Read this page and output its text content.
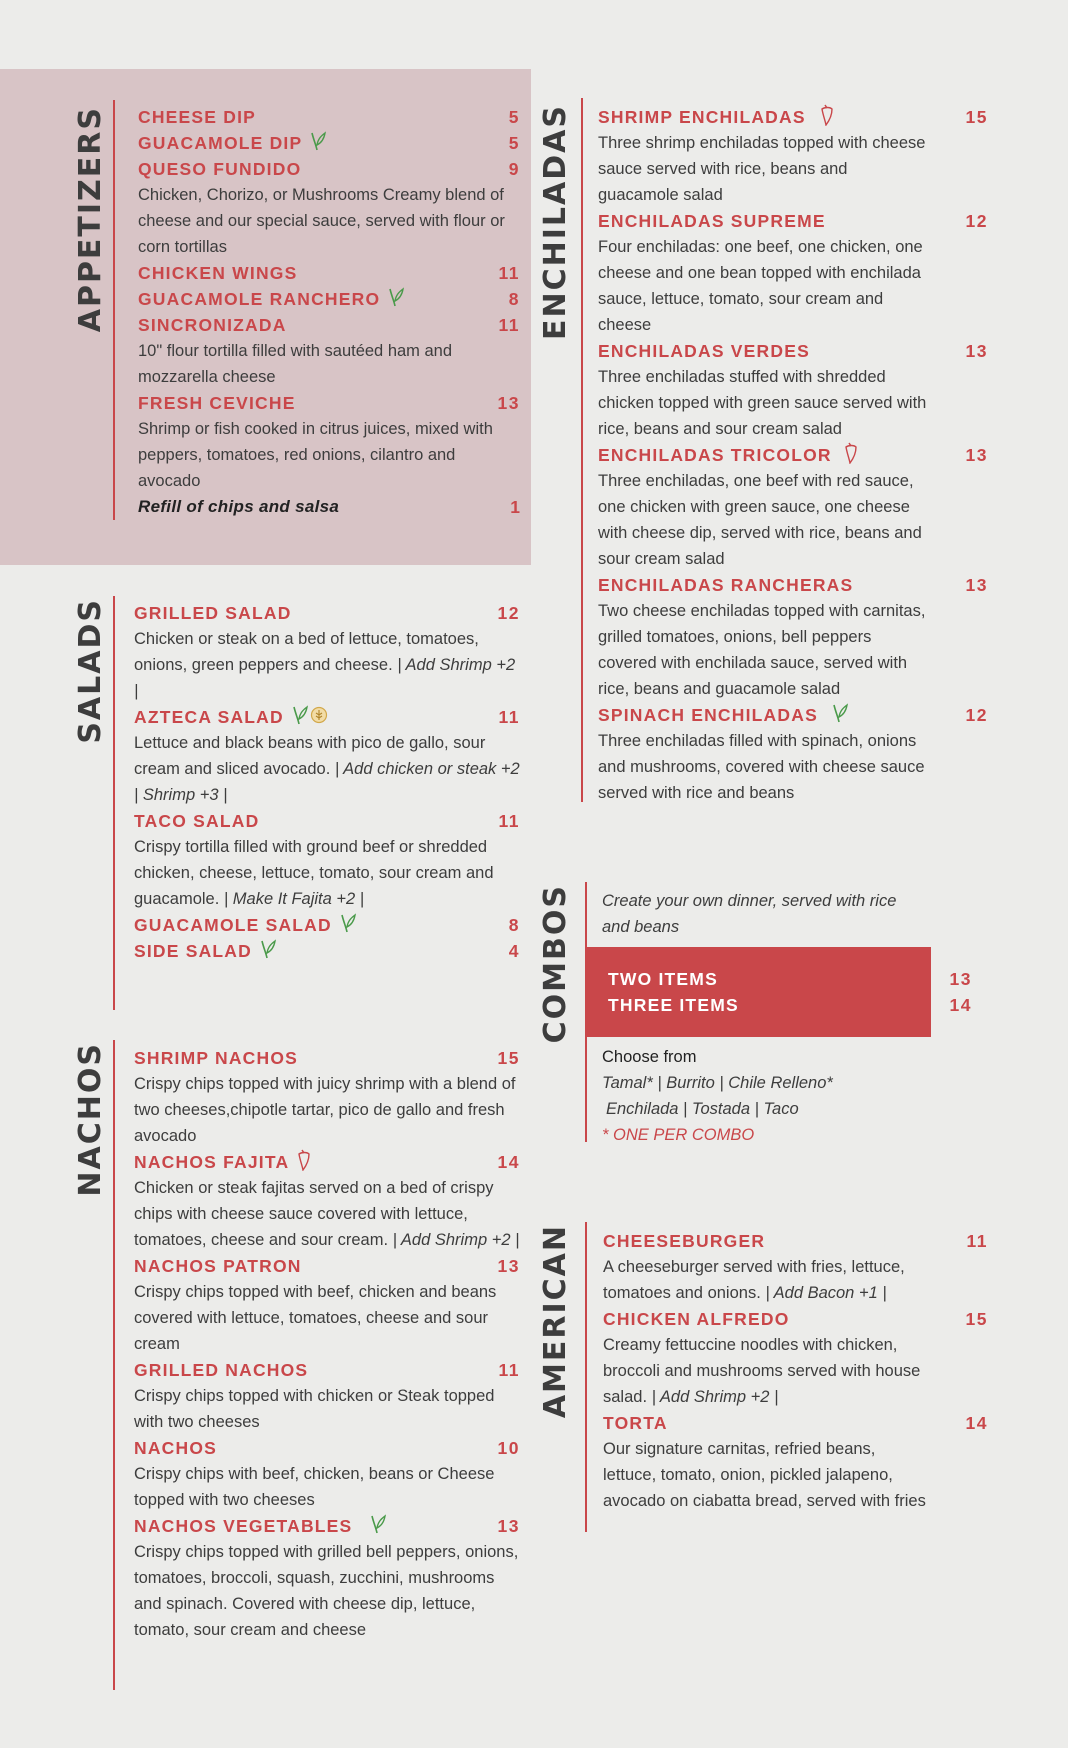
APPETIZERS CHEESE DIP	5
GUACAMOLE DIP	5
QUESO FUNDIDO	9
Chicken, Chorizo, or Mushrooms Creamy blend of cheese and our special sauce, served with flour or corn tortillas
CHICKEN WINGS	11
GUACAMOLE RANCHERO	8
SINCRONIZADA	11
10" flour tortilla filled with sautéed ham and mozzarella cheese
FRESH CEVICHE	13
Shrimp or fish cooked in citrus juices, mixed with peppers, tomatoes, red onions, cilantro and avocado
Refill of chips and salsa	1
SALADS GRILLED SALAD	12
Chicken or steak on a bed of lettuce, tomatoes, onions, green peppers and cheese. | Add Shrimp +2 |
AZTECA SALAD	11
Lettuce and black beans with pico de gallo, sour cream and sliced avocado. | Add chicken or steak +2 | Shrimp +3 |
TACO SALAD	11
Crispy tortilla filled with ground beef or shredded chicken, cheese, lettuce, tomato, sour cream and guacamole. | Make It Fajita +2 |
GUACAMOLE SALAD	8
SIDE SALAD	4
NACHOS SHRIMP NACHOS	15
Crispy chips topped with juicy shrimp with a blend of two cheeses,chipotle tartar, pico de gallo and fresh avocado
NACHOS FAJITA	14
Chicken or steak fajitas served on a bed of crispy chips with cheese sauce covered with lettuce, tomatoes, cheese and sour cream. | Add Shrimp +2 |
NACHOS PATRON	13
Crispy chips topped with beef, chicken and beans covered with lettuce, tomatoes, cheese and sour cream
GRILLED NACHOS	11
Crispy chips topped with chicken or Steak topped with two cheeses
NACHOS	10
Crispy chips with beef, chicken, beans or Cheese topped with two cheeses
NACHOS VEGETABLES	13
Crispy chips topped with grilled bell peppers, onions, tomatoes, broccoli, squash, zucchini, mushrooms and spinach. Covered with cheese dip, lettuce, tomato, sour cream and cheese
ENCHILADAS SHRIMP ENCHILADAS	15
Three shrimp enchiladas topped with cheese sauce served with rice, beans and guacamole salad
ENCHILADAS SUPREME	12
Four enchiladas: one beef, one chicken, one cheese and one bean topped with enchilada sauce, lettuce, tomato, sour cream and cheese
ENCHILADAS VERDES	13
Three enchiladas stuffed with shredded chicken topped with green sauce served with rice, beans and sour cream salad
ENCHILADAS TRICOLOR	13
Three enchiladas, one beef with red sauce, one chicken with green sauce, one cheese with cheese dip, served with rice, beans and sour cream salad
ENCHILADAS RANCHERAS	13
Two cheese enchiladas topped with carnitas, grilled tomatoes, onions, bell peppers covered with enchilada sauce, served with rice, beans and guacamole salad
SPINACH ENCHILADAS	12
Three enchiladas filled with spinach, onions and mushrooms, covered with cheese sauce served with rice and beans
COMBOS Create your own dinner, served with rice and beans
TWO ITEMS	13
THREE ITEMS	14
Choose from
Tamal* | Burrito | Chile Relleno*
Enchilada | Tostada | Taco
* ONE PER COMBO
AMERICAN CHEESEBURGER	11
A cheeseburger served with fries, lettuce, tomatoes and onions. | Add Bacon +1 |
CHICKEN ALFREDO	15
Creamy fettuccine noodles with chicken, broccoli and mushrooms served with house salad. | Add Shrimp +2 |
TORTA	14
Our signature carnitas, refried beans, lettuce, tomato, onion, pickled jalapeno, avocado on ciabatta bread, served with fries
